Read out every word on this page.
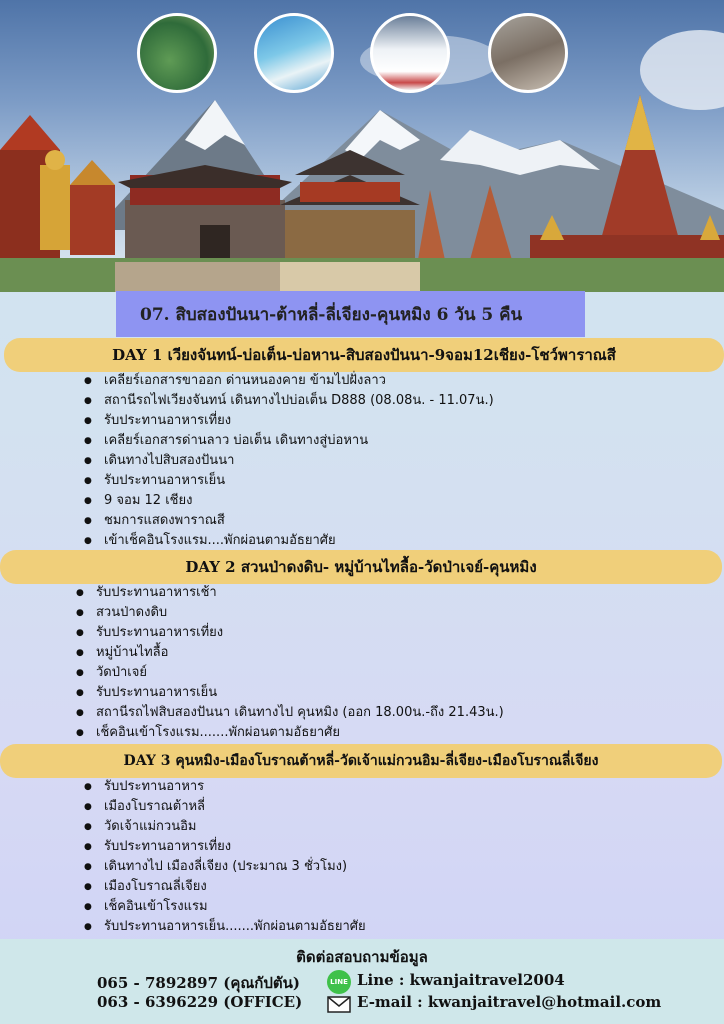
07. สิบสองปันนา-ต้าหลี่-ลี่เจียง-คุนหมิง 6 วัน 5 คืน
DAY 1 เวียงจันทน์-บ่อเต็น-บ่อหาน-สิบสองปันนา-9จอม12เชียง-โชว์พาราณสี
● เคลียร์เอกสารขาออก ด่านหนองคาย ข้ามไปฝั่งลาว
● สถานีรถไฟเวียงจันทน์ เดินทางไปบ่อเต็น D888 (08.08น. - 11.07น.)
● รับประทานอาหารเที่ยง
● เคลียร์เอกสารด่านลาว บ่อเต็น เดินทางสู่บ่อหาน
● เดินทางไปสิบสองปันนา
● รับประทานอาหารเย็น
● 9 จอม 12 เชียง
● ชมการแสดงพาราณสี
● เข้าเช็คอินโรงแรม....พักผ่อนตามอัธยาศัย
DAY 2 สวนป่าดงดิบ- หมู่บ้านไทลื้อ-วัดป่าเจย์-คุนหมิง
● รับประทานอาหารเช้า
● สวนป่าดงดิบ
● รับประทานอาหารเที่ยง
● หมู่บ้านไทลื้อ
● วัดป่าเจย์
● รับประทานอาหารเย็น
● สถานีรถไฟสิบสองปันนา เดินทางไป คุนหมิง (ออก 18.00น.-ถึง 21.43น.)
● เช็คอินเข้าโรงแรม.......พักผ่อนตามอัธยาศัย
DAY 3 คุนหมิง-เมืองโบราณต้าหลี่-วัดเจ้าแม่กวนอิม-ลี่เจียง-เมืองโบราณลี่เจียง
● รับประทานอาหาร
● เมืองโบราณต้าหลี่
● วัดเจ้าแม่กวนอิม
● รับประทานอาหารเที่ยง
● เดินทางไป เมืองลี่เจียง (ประมาณ 3 ชั่วโมง)
● เมืองโบราณลี่เจียง
● เช็คอินเข้าโรงแรม
● รับประทานอาหารเย็น.......พักผ่อนตามอัธยาศัย
ติดต่อสอบถามข้อมูล
065 - 7892897 (คุณกัปตัน)
063 - 6396229 (OFFICE)
LINE Line : kwanjaitravel2004
E-mail : kwanjaitravel@hotmail.com
